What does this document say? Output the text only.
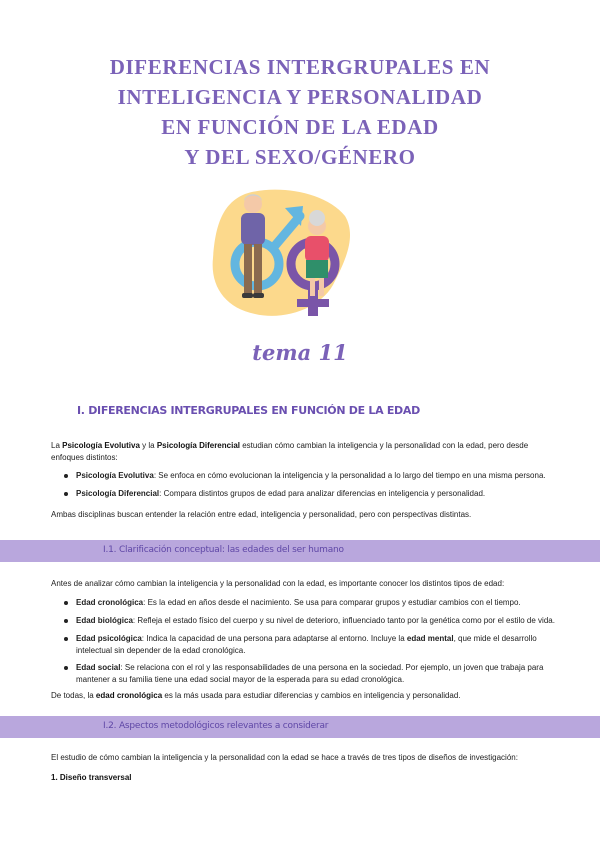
DIFERENCIAS INTERGRUPALES EN
INTELIGENCIA Y PERSONALIDAD
EN FUNCIÓN DE LA EDAD
Y DEL SEXO/GÉNERO
tema 11
I. DIFERENCIAS INTERGRUPALES EN FUNCIÓN DE LA EDAD
La Psicología Evolutiva y la Psicología Diferencial estudian cómo cambian la inteligencia y la personalidad con la edad, pero desde
enfoques distintos:
Psicología Evolutiva: Se enfoca en cómo evolucionan la inteligencia y la personalidad a lo largo del tiempo en una misma persona.
Psicología Diferencial: Compara distintos grupos de edad para analizar diferencias en inteligencia y personalidad.
Ambas disciplinas buscan entender la relación entre edad, inteligencia y personalidad, pero con perspectivas distintas.
I.1. Clarificación conceptual: las edades del ser humano
Antes de analizar cómo cambian la inteligencia y la personalidad con la edad, es importante conocer los distintos tipos de edad:
Edad cronológica: Es la edad en años desde el nacimiento. Se usa para comparar grupos y estudiar cambios con el tiempo.
Edad biológica: Refleja el estado físico del cuerpo y su nivel de deterioro, influenciado tanto por la genética como por el estilo de vida.
Edad psicológica: Indica la capacidad de una persona para adaptarse al entorno. Incluye la edad mental, que mide el desarrollo
intelectual sin depender de la edad cronológica.
Edad social: Se relaciona con el rol y las responsabilidades de una persona en la sociedad. Por ejemplo, un joven que trabaja para
mantener a su familia tiene una edad social mayor de la esperada para su edad cronológica.
De todas, la edad cronológica es la más usada para estudiar diferencias y cambios en inteligencia y personalidad.
I.2. Aspectos metodológicos relevantes a considerar
El estudio de cómo cambian la inteligencia y la personalidad con la edad se hace a través de tres tipos de diseños de investigación:
1. Diseño transversal
